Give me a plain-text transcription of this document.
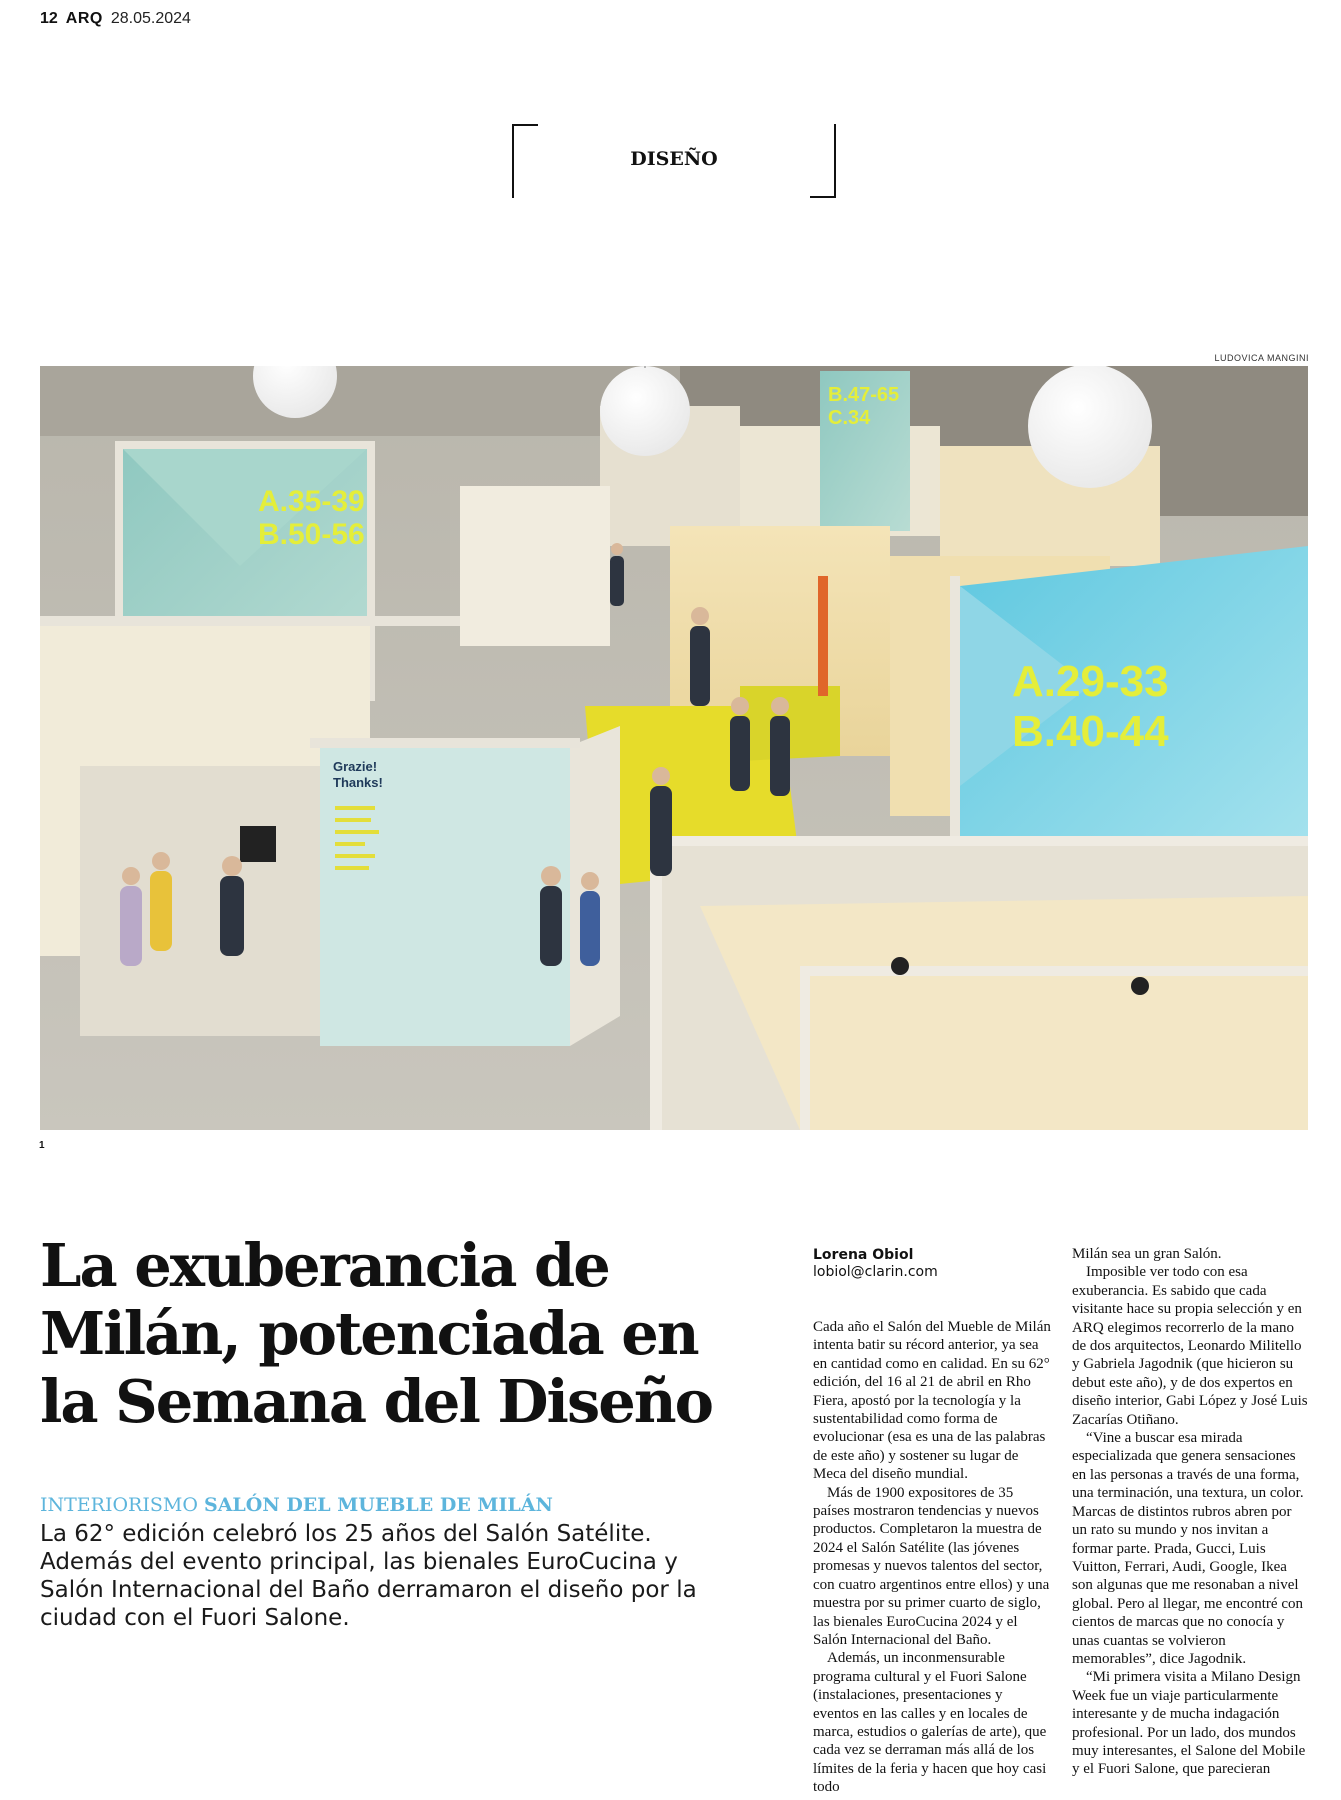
12 ARQ 28.05.2024
DISEÑO
LUDOVICA MANGINI
A.35-39
B.50-56
B.47-65
C.34
A.29-33
B.40-44
Grazie!
Thanks!
1
La exuberancia de Milán, potenciada en la Semana del Diseño
INTERIORISMO SALÓN DEL MUEBLE DE MILÁN

La 62° edición celebró los 25 años del Salón Satélite. Además del evento principal, las bienales EuroCucina y Salón Internacional del Baño derramaron el diseño por la ciudad con el Fuori Salone.

Lorena Obiol
lobiol@clarin.com

Cada año el Salón del Mueble de Milán intenta batir su récord anterior, ya sea en cantidad como en calidad. En su 62° edición, del 16 al 21 de abril en Rho Fiera, apostó por la tecnología y la sustentabilidad como forma de evolucionar (esa es una de las palabras de este año) y sostener su lugar de Meca del diseño mundial.

Más de 1900 expositores de 35 países mostraron tendencias y nuevos productos. Completaron la muestra de 2024 el Salón Satélite (las jóvenes promesas y nuevos talentos del sector, con cuatro argentinos entre ellos) y una muestra por su primer cuarto de siglo, las bienales EuroCucina 2024 y el Salón Internacional del Baño.

Además, un inconmensurable programa cultural y el Fuori Salone (instalaciones, presentaciones y eventos en las calles y en locales de marca, estudios o galerías de arte), que cada vez se derraman más allá de los límites de la feria y hacen que hoy casi todo

Milán sea un gran Salón.

Imposible ver todo con esa exuberancia. Es sabido que cada visitante hace su propia selección y en ARQ elegimos recorrerlo de la mano de dos arquitectos, Leonardo Militello y Gabriela Jagodnik (que hicieron su debut este año), y de dos expertos en diseño interior, Gabi López y José Luis Zacarías Otiñano.

“Vine a buscar esa mirada especializada que genera sensaciones en las personas a través de una forma, una terminación, una textura, un color. Marcas de distintos rubros abren por un rato su mundo y nos invitan a formar parte. Prada, Gucci, Luis Vuitton, Ferrari, Audi, Google, Ikea son algunas que me resonaban a nivel global. Pero al llegar, me encontré con cientos de marcas que no conocía y unas cuantas se volvieron memorables”, dice Jagodnik.

“Mi primera visita a Milano Design Week fue un viaje particularmente interesante y de mucha indagación profesional. Por un lado, dos mundos muy interesantes, el Salone del Mobile y el Fuori Salone, que parecieran
